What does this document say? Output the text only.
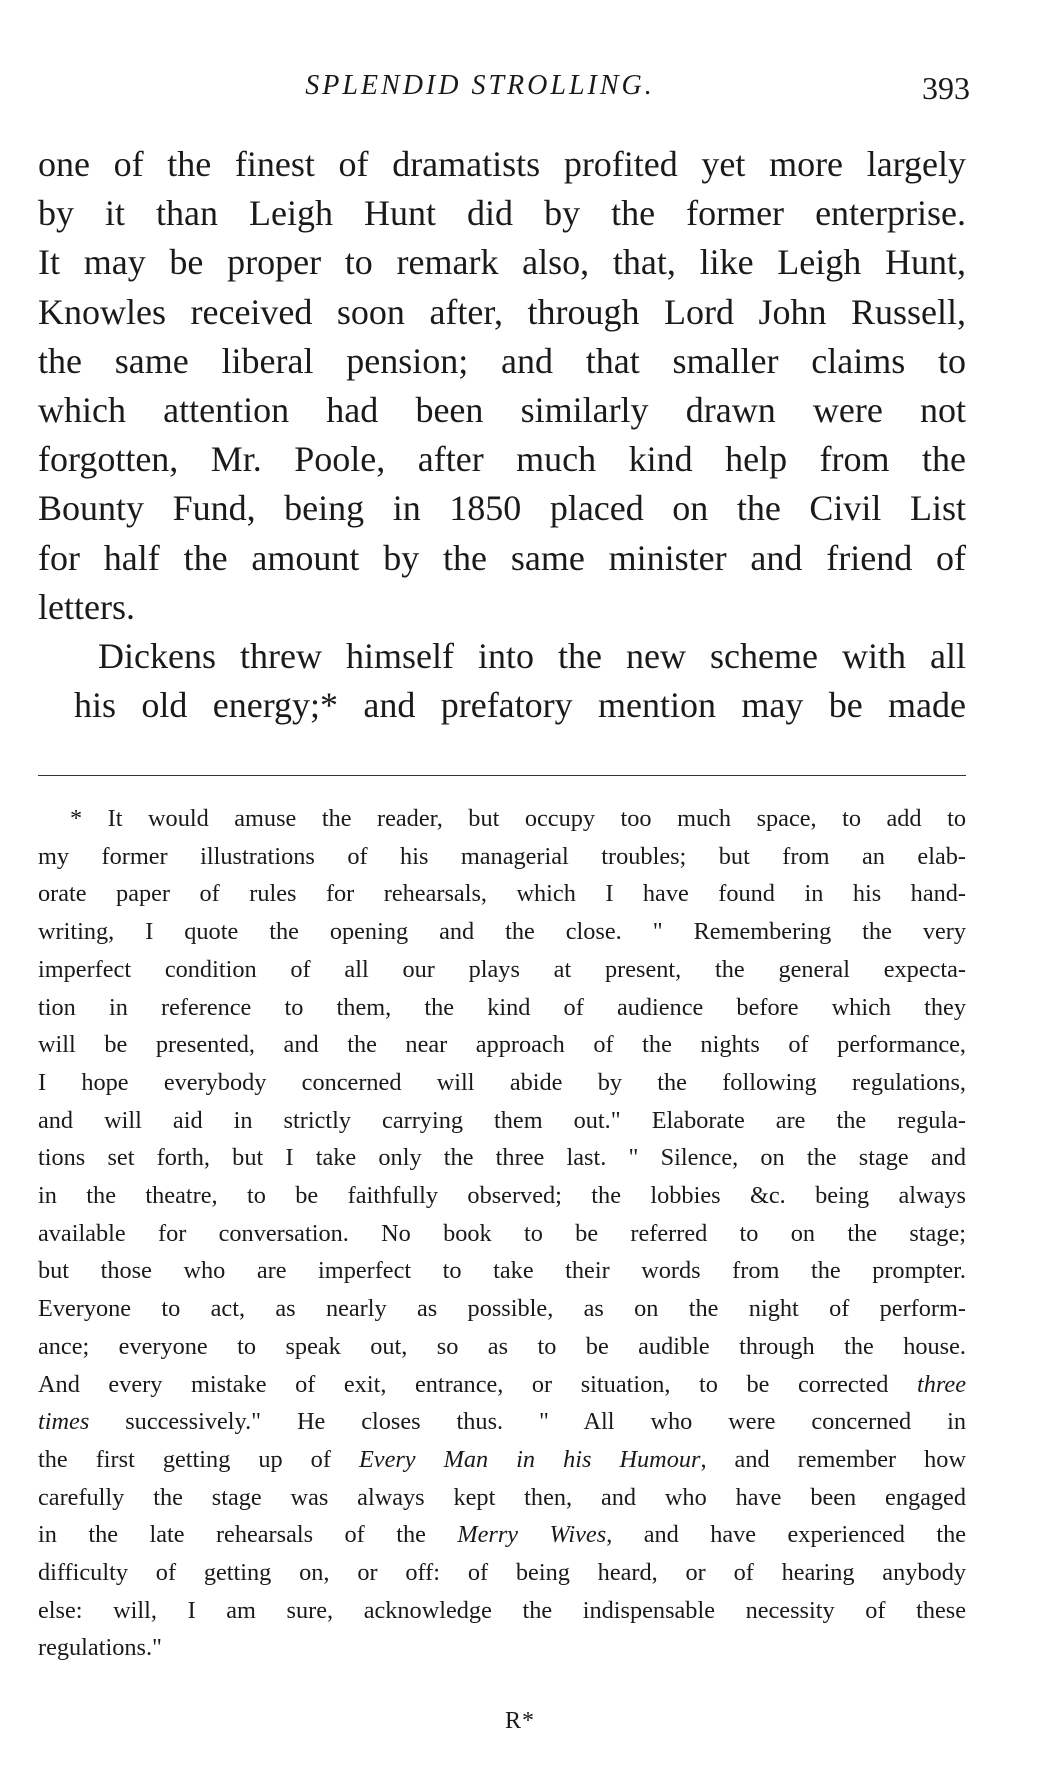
SPLENDID STROLLING.	393

one of the finest of dramatists profited yet more largely
by it than Leigh Hunt did by the former enterprise.
It may be proper to remark also, that, like Leigh Hunt,
Knowles received soon after, through Lord John Russell,
the same liberal pension; and that smaller claims to
which attention had been similarly drawn were not
forgotten, Mr. Poole, after much kind help from the
Bounty Fund, being in 1850 placed on the Civil List
for half the amount by the same minister and friend of
letters.

Dickens threw himself into the new scheme with all
his old energy;* and prefatory mention may be made

* It would amuse the reader, but occupy too much space, to add to
my former illustrations of his managerial troubles; but from an elab-
orate paper of rules for rehearsals, which I have found in his hand-
writing, I quote the opening and the close. " Remembering the very
imperfect condition of all our plays at present, the general expecta-
tion in reference to them, the kind of audience before which they
will be presented, and the near approach of the nights of performance,
I hope everybody concerned will abide by the following regulations,
and will aid in strictly carrying them out." Elaborate are the regula-
tions set forth, but I take only the three last. " Silence, on the stage and
in the theatre, to be faithfully observed; the lobbies &c. being always
available for conversation. No book to be referred to on the stage;
but those who are imperfect to take their words from the prompter.
Everyone to act, as nearly as possible, as on the night of perform-
ance; everyone to speak out, so as to be audible through the house.
And every mistake of exit, entrance, or situation, to be corrected three
times successively." He closes thus. " All who were concerned in
the first getting up of Every Man in his Humour, and remember how
carefully the stage was always kept then, and who have been engaged
in the late rehearsals of the Merry Wives, and have experienced the
difficulty of getting on, or off: of being heard, or of hearing anybody
else: will, I am sure, acknowledge the indispensable necessity of these
regulations."
R*
